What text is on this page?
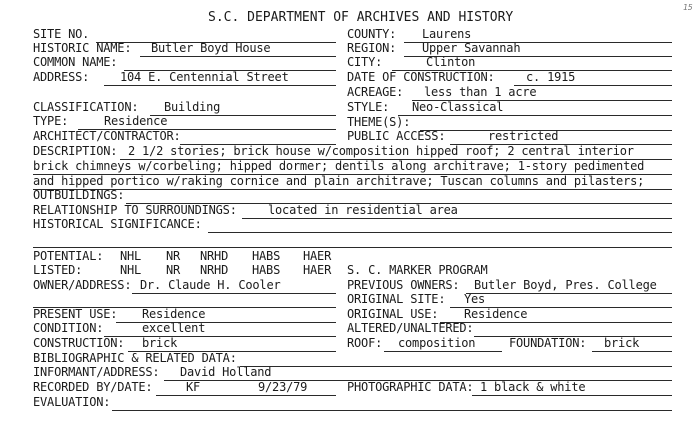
S.C. DEPARTMENT OF ARCHIVES AND HISTORY
15
SITE NO.	COUNTY: Laurens
HISTORIC NAME: Butler Boyd House	REGION: Upper Savannah
COMMON NAME:	CITY:	Clinton
ADDRESS:	104 E. Centennial Street	DATE OF CONSTRUCTION:	c. 1915
ACREAGE: less than 1 acre
CLASSIFICATION: Building	STYLE: Neo-Classical
TYPE:	Residence	THEME(S):
ARCHITECT/CONTRACTOR:	PUBLIC ACCESS:	restricted
DESCRIPTION: 2 1/2 stories; brick house w/composition hipped roof; 2 central interior
brick chimneys w/corbeling; hipped dormer; dentils along architrave; 1-story pedimented
and hipped portico w/raking cornice and plain architrave; Tuscan columns and pilasters;
OUTBUILDINGS:
RELATIONSHIP TO SURROUNDINGS:	located in residential area
HISTORICAL SIGNIFICANCE:
POTENTIAL: NHL NR NRHD HABS HAER
LISTED:	NHL NR NRHD HABS HAER S. C. MARKER PROGRAM
OWNER/ADDRESS: Dr. Claude H. Cooler	PREVIOUS OWNERS: Butler Boyd, Pres. College
ORIGINAL SITE: Yes
PRESENT USE: Residence	ORIGINAL USE: Residence
CONDITION:	excellent	ALTERED/UNALTERED:
CONSTRUCTION: brick	ROOF: composition	FOUNDATION: brick
BIBLIOGRAPHIC & RELATED DATA:
INFORMANT/ADDRESS: David Holland
RECORDED BY/DATE:	KF	9/23/79	PHOTOGRAPHIC DATA: 1 black & white
EVALUATION:
